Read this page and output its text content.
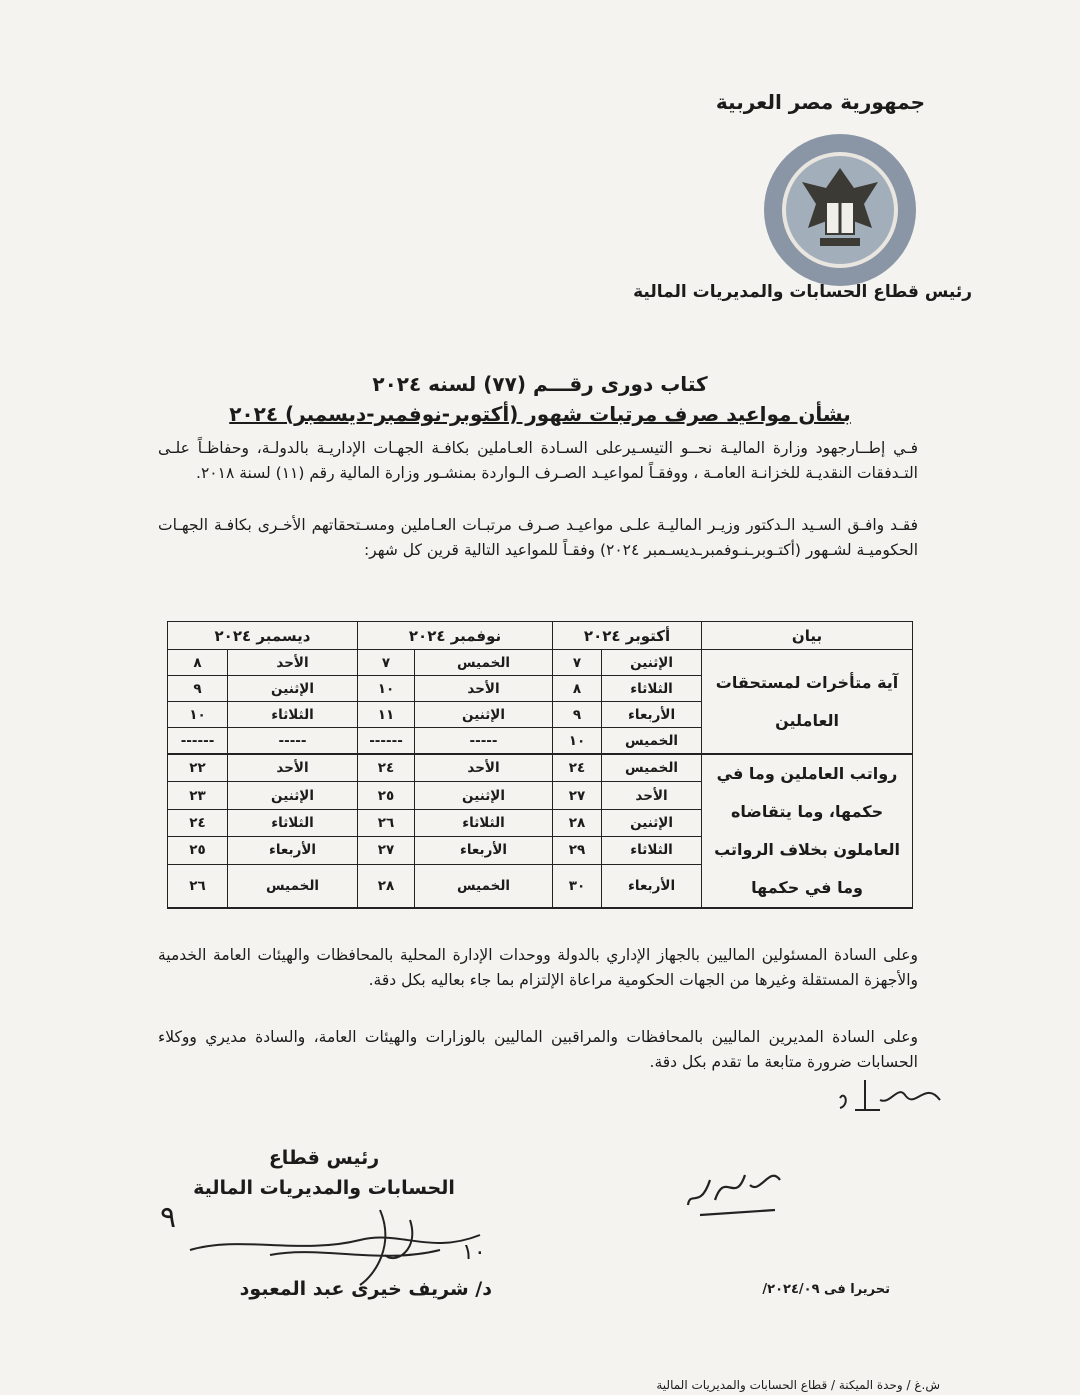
جمهورية مصر العربية
رئيس قطاع الحسابات والمديريات المالية
كتاب دورى رقـــم (٧٧) لسنه ٢٠٢٤
بشأن مواعيد صرف مرتبات شهور (أكتوبر-نوفمبر-ديسمبر) ٢٠٢٤
فـي إطــارجهود وزارة الماليـة نحــو التيسـيرعلى السـادة العـاملين بكافـة الجهـات الإداريـة بالدولـة، وحفاظـاً علـى التـدفقات النقديـة للخزانـة العامـة ، ووفقـاً لمواعيـد الصـرف الـواردة بمنشـور وزارة المالية رقم (١١) لسنة ٢٠١٨.
فقـد وافـق السـيد الـدكتور وزيـر الماليـة علـى مواعيـد صـرف مرتبـات العـاملين ومسـتحقاتهم الأخـرى بكافـة الجهـات الحكوميـة لشـهور (أكتـوبرـنـوفمبرـديسـمبر ٢٠٢٤) وفقـاً للمواعيد التالية قرين كل شهر:
بيان	أكتوبر ٢٠٢٤		نوفمبر ٢٠٢٤		ديسمبر ٢٠٢٤	
آية متأخرات لمستحقات العاملين	الإثنين	٧	الخميس	٧	الأحد	٨
	الثلاثاء	٨	الأحد	١٠	الإثنين	٩
	الأربعاء	٩	الإثنين	١١	الثلاثاء	١٠
	الخميس	١٠	-----	------	-----	------
رواتب العاملين وما في حكمها، وما يتقاضاه العاملون بخلاف الرواتب وما في حكمها	الخميس	٢٤	الأحد	٢٤	الأحد	٢٢
	الأحد	٢٧	الإثنين	٢٥	الإثنين	٢٣
	الإثنين	٢٨	الثلاثاء	٢٦	الثلاثاء	٢٤
	الثلاثاء	٢٩	الأربعاء	٢٧	الأربعاء	٢٥
	الأربعاء	٣٠	الخميس	٢٨	الخميس	٢٦
وعلى السادة المسئولين الماليين بالجهاز الإداري بالدولة ووحدات الإدارة المحلية بالمحافظات والهيئات العامة الخدمية والأجهزة المستقلة وغيرها من الجهات الحكومية مراعاة الإلتزام بما جاء بعاليه بكل دقة.
وعلى السادة المديرين الماليين بالمحافظات والمراقبين الماليين بالوزارات والهيئات العامة، والسادة مديري ووكلاء الحسابات ضرورة متابعة ما تقدم بكل دقة.
رئيس قطاع
الحسابات والمديريات المالية
٩
١٠
د/ شريف خيرى عبد المعبود	تحريرا فى ٢٠٢٤/٠٩/
ش.غ / وحدة الميكنة / قطاع الحسابات والمديريات المالية
